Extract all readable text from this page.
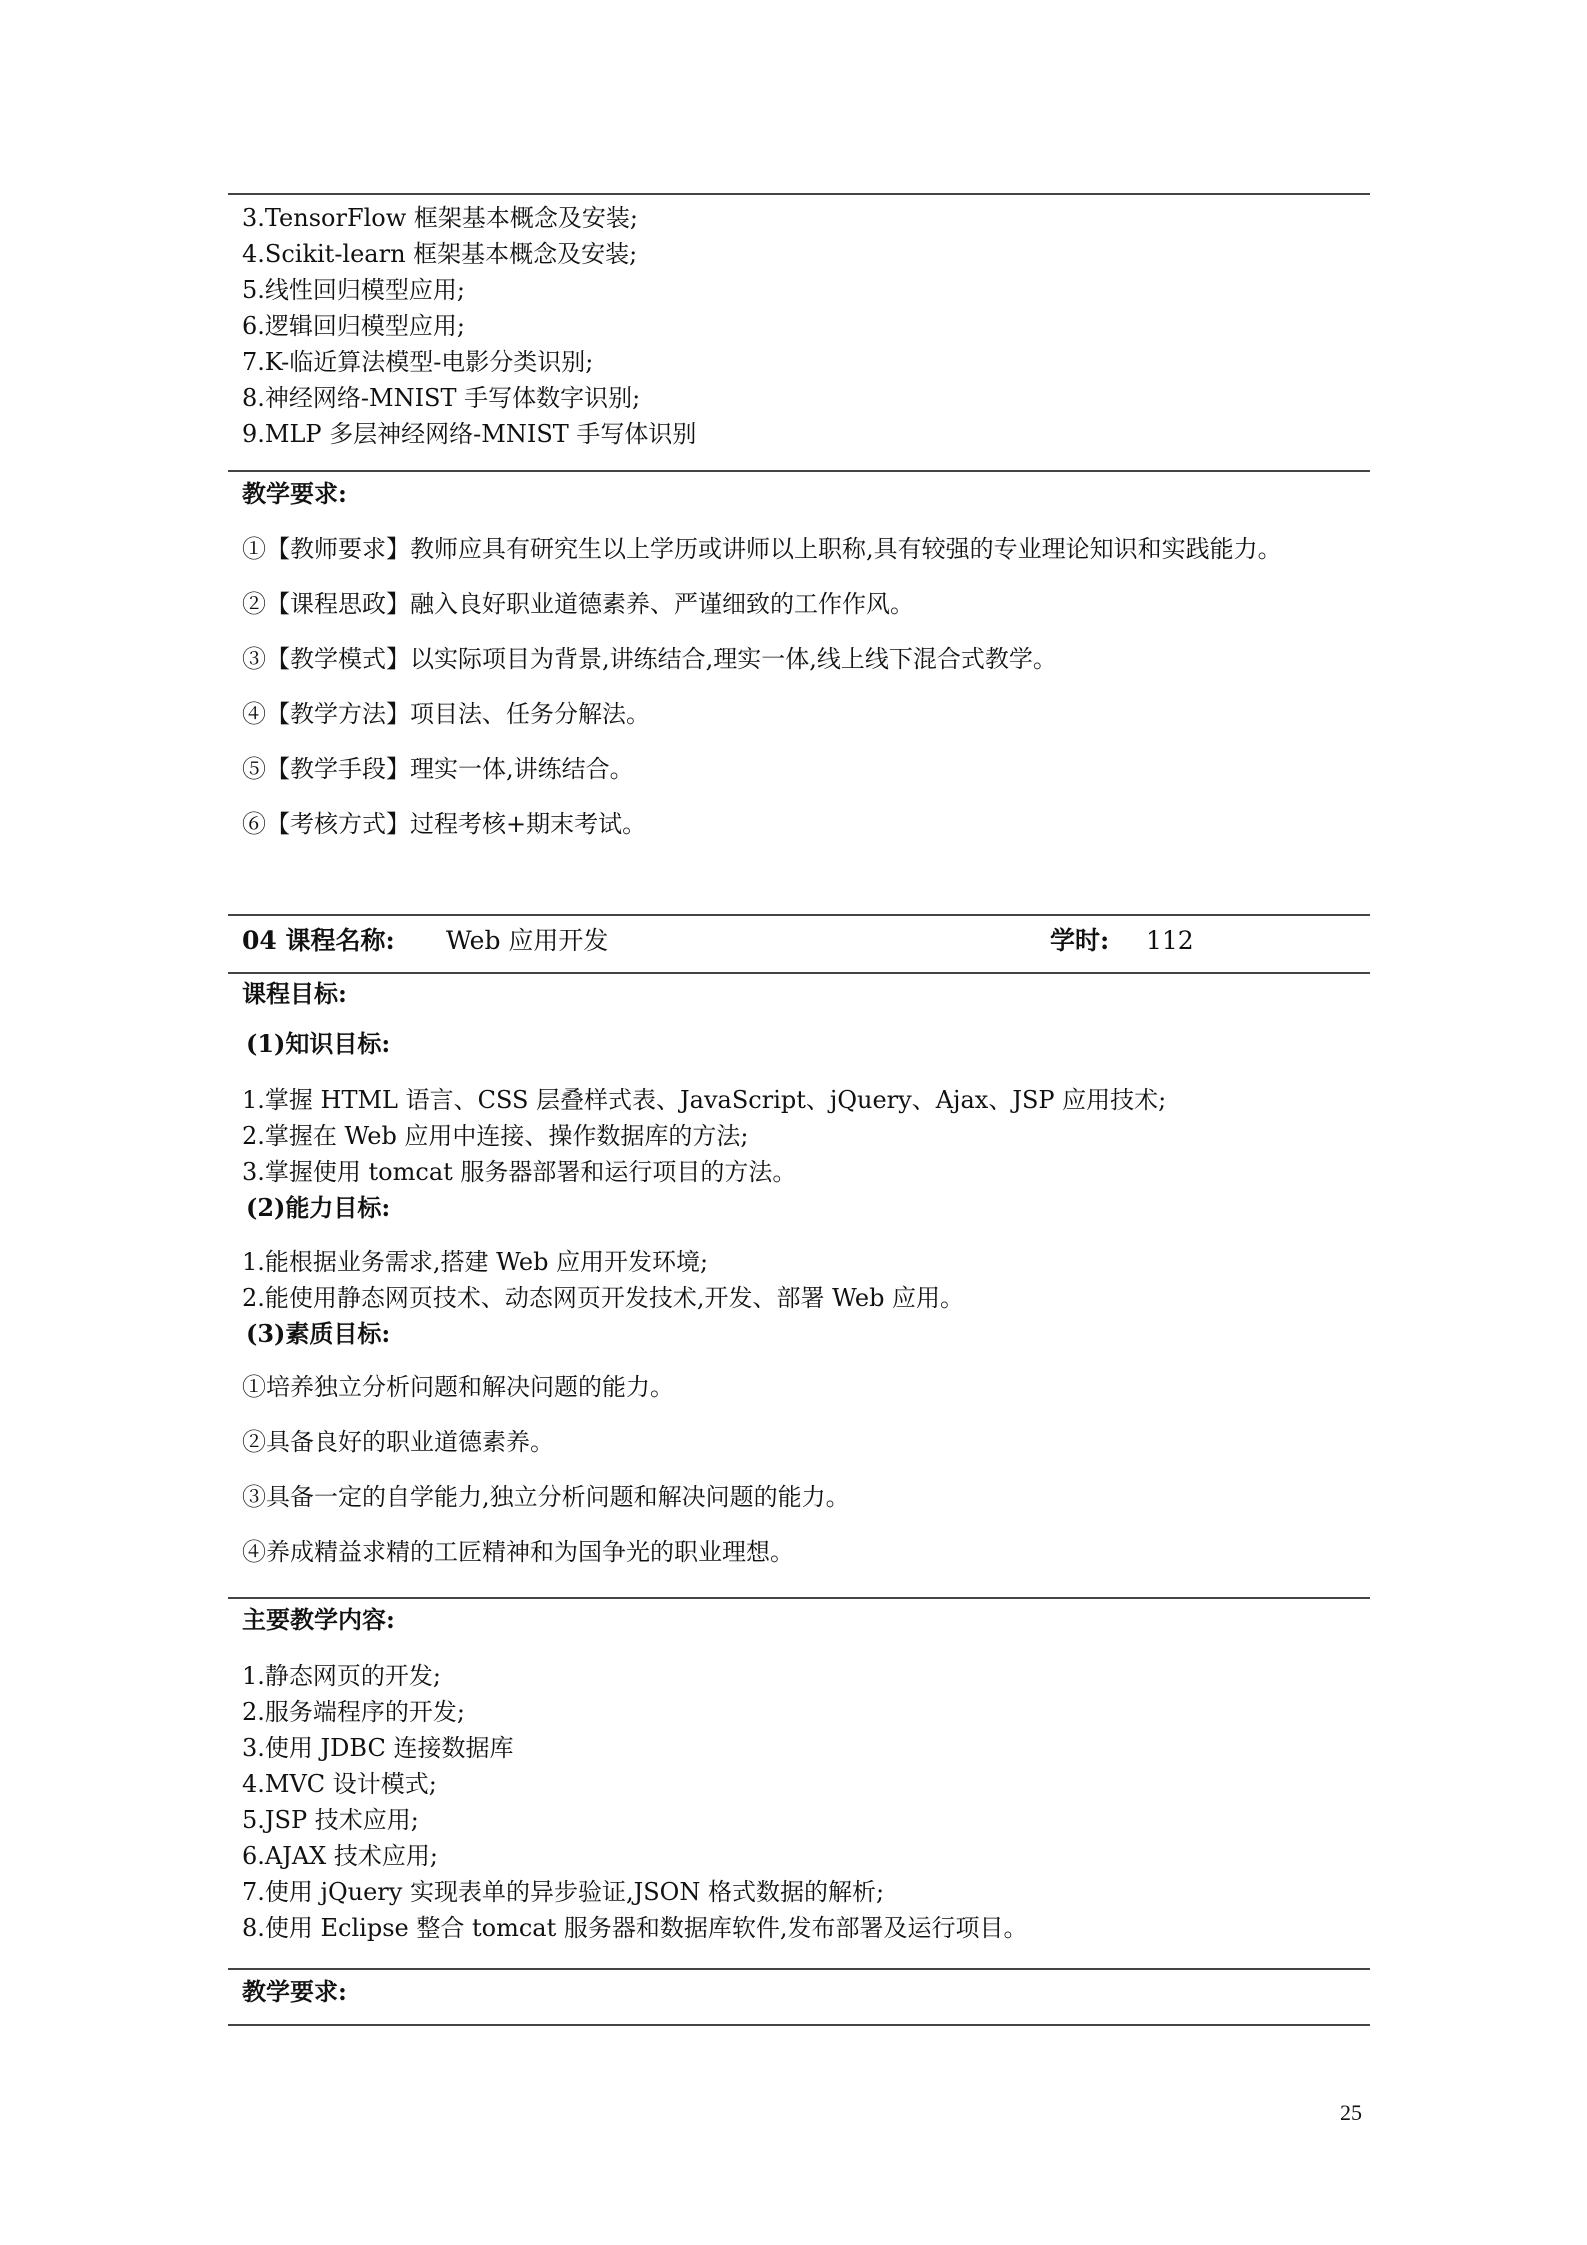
3.TensorFlow 框架基本概念及安装;
4.Scikit-learn 框架基本概念及安装;
5.线性回归模型应用;
6.逻辑回归模型应用;
7.K-临近算法模型-电影分类识别;
8.神经网络-MNIST 手写体数字识别;
9.MLP 多层神经网络-MNIST 手写体识别
教学要求:

①【教师要求】教师应具有研究生以上学历或讲师以上职称,具有较强的专业理论知识和实践能力。

②【课程思政】融入良好职业道德素养、严谨细致的工作作风。

③【教学模式】以实际项目为背景,讲练结合,理实一体,线上线下混合式教学。

④【教学方法】项目法、任务分解法。

⑤【教学手段】理实一体,讲练结合。

⑥【考核方式】过程考核+期末考试。

04 课程名称: Web 应用开发	学时: 112
课程目标:
(1)知识目标:
1.掌握 HTML 语言、CSS 层叠样式表、JavaScript、jQuery、Ajax、JSP 应用技术;
2.掌握在 Web 应用中连接、操作数据库的方法;
3.掌握使用 tomcat 服务器部署和运行项目的方法。
(2)能力目标:
1.能根据业务需求,搭建 Web 应用开发环境;
2.能使用静态网页技术、动态网页开发技术,开发、部署 Web 应用。
(3)素质目标:

①培养独立分析问题和解决问题的能力。

②具备良好的职业道德素养。

③具备一定的自学能力,独立分析问题和解决问题的能力。

④养成精益求精的工匠精神和为国争光的职业理想。

主要教学内容:
1.静态网页的开发;
2.服务端程序的开发;
3.使用 JDBC 连接数据库
4.MVC 设计模式;
5.JSP 技术应用;
6.AJAX 技术应用;
7.使用 jQuery 实现表单的异步验证,JSON 格式数据的解析;
8.使用 Eclipse 整合 tomcat 服务器和数据库软件,发布部署及运行项目。
教学要求:
25
